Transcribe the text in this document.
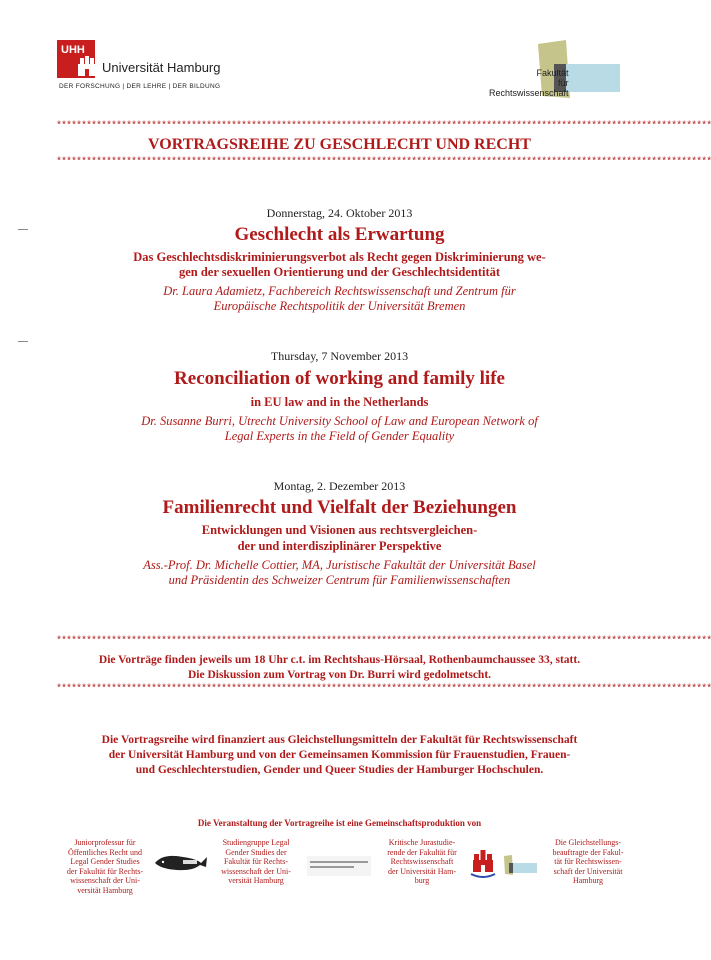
UHH
Universität Hamburg
DER FORSCHUNG | DER LEHRE | DER BILDUNG
Fakultät
für
Rechtswissenschaft
***********************************************************************************************************************************
VORTRAGSREIHE ZU GESCHLECHT UND RECHT
***********************************************************************************************************************************
Donnerstag, 24. Oktober 2013
Geschlecht als Erwartung
Das Geschlechtsdiskriminierungsverbot als Recht gegen Diskriminierung we-
gen der sexuellen Orientierung und der Geschlechtsidentität
Dr. Laura Adamietz, Fachbereich Rechtswissenschaft und Zentrum für
Europäische Rechtspolitik der Universität Bremen
Thursday, 7 November 2013
Reconciliation of working and family life
in EU law and in the Netherlands
Dr. Susanne Burri, Utrecht University School of Law and European Network of
Legal Experts in the Field of Gender Equality
Montag, 2. Dezember 2013
Familienrecht und Vielfalt der Beziehungen
Entwicklungen und Visionen aus rechtsvergleichen-
der und interdisziplinärer Perspektive
Ass.-Prof. Dr. Michelle Cottier, MA, Juristische Fakultät der Universität Basel
und Präsidentin des Schweizer Centrum für Familienwissenschaften
***********************************************************************************************************************************
Die Vorträge finden jeweils um 18 Uhr c.t. im Rechtshaus-Hörsaal, Rothenbaumchaussee 33, statt.
Die Diskussion zum Vortrag von Dr. Burri wird gedolmetscht.
***********************************************************************************************************************************
Die Vortragsreihe wird finanziert aus Gleichstellungsmitteln der Fakultät für Rechtswissenschaft
der Universität Hamburg und von der Gemeinsamen Kommission für Frauenstudien, Frauen-
und Geschlechterstudien, Gender und Queer Studies der Hamburger Hochschulen.
Die Veranstaltung der Vortragreihe ist eine Gemeinschaftsproduktion von
Juniorprofessur für
Öffentliches Recht und
Legal Gender Studies
der Fakultät für Rechts-
wissenschaft der Uni-
versität Hamburg
Studiengruppe Legal
Gender Studies der
Fakultät für Rechts-
wissenschaft der Uni-
versität Hamburg
Kritische Jurastudie-
rende der Fakultät für
Rechtswissenschaft
der Universität Ham-
burg
Die Gleichstellungs-
beauftragte der Fakul-
tät für Rechtswissen-
schaft der Universität
Hamburg
